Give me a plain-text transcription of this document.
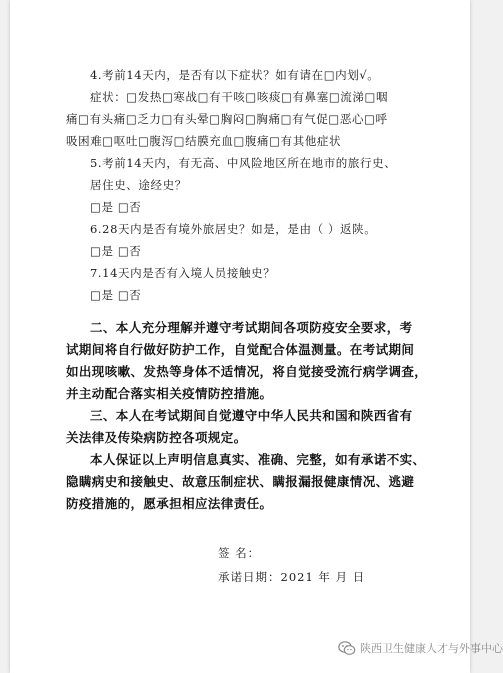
4.考前14天内，是否有以下症状？如有请在□内划√。
症状：□发热□寒战□有干咳□咳痰□有鼻塞□流涕□咽
痛□有头痛□乏力□有头晕□胸闷□胸痛□有气促□恶心□呼
吸困难□呕吐□腹泻□结膜充血□腹痛□有其他症状
5.考前14天内，有无高、中风险地区所在地市的旅行史、
居住史、途经史？
□是 □否
6.28天内是否有境外旅居史？如是，是由（ ）返陕。
□是 □否
7.14天内是否有入境人员接触史？
□是 □否
二、本人充分理解并遵守考试期间各项防疫安全要求，考
试期间将自行做好防护工作，自觉配合体温测量。在考试期间
如出现咳嗽、发热等身体不适情况，将自觉接受流行病学调查，
并主动配合落实相关疫情防控措施。
三、本人在考试期间自觉遵守中华人民共和国和陕西省有
关法律及传染病防控各项规定。
本人保证以上声明信息真实、准确、完整，如有承诺不实、
隐瞒病史和接触史、故意压制症状、瞒报漏报健康情况、逃避
防疫措施的，愿承担相应法律责任。
签 名：
承诺日期：2021 年 月 日
陕西卫生健康人才与外事中心
